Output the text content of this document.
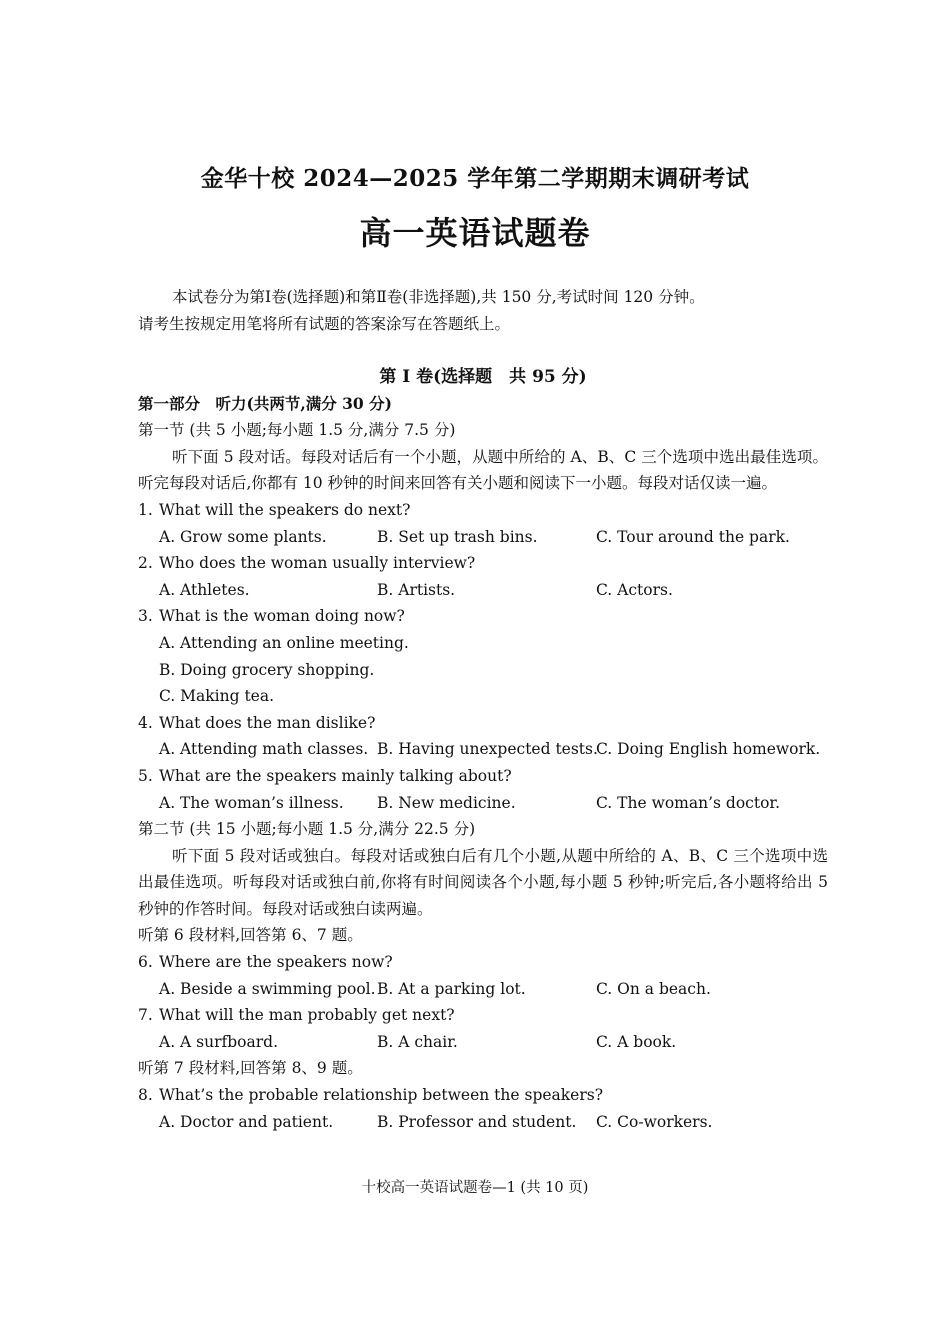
金华十校 2024—2025 学年第二学期期末调研考试
高一英语试题卷

本试卷分为第Ⅰ卷(选择题)和第Ⅱ卷(非选择题),共 150 分,考试时间 120 分钟。

请考生按规定用笔将所有试题的答案涂写在答题纸上。

第 I 卷(选择题　共 95 分)
第一部分　听力(共两节,满分 30 分)
第一节 (共 5 小题;每小题 1.5 分,满分 7.5 分)
听下面 5 段对话。每段对话后有一个小题，从题中所给的 A、B、C 三个选项中选出最佳选项。听完每段对话后,你都有 10 秒钟的时间来回答有关小题和阅读下一小题。每段对话仅读一遍。
1. What will the speakers do next?
A. Grow some plants.	B. Set up trash bins.	C. Tour around the park.
2. Who does the woman usually interview?
A. Athletes.	B. Artists.	C. Actors.
3. What is the woman doing now?
A. Attending an online meeting.
B. Doing grocery shopping.
C. Making tea.
4. What does the man dislike?
A. Attending math classes. B. Having unexpected tests.
C. Doing English homework.
5. What are the speakers mainly talking about?
A. The woman’s illness.	B. New medicine.	C. The woman’s doctor.
第二节 (共 15 小题;每小题 1.5 分,满分 22.5 分)
听下面 5 段对话或独白。每段对话或独白后有几个小题,从题中所给的 A、B、C 三个选项中选出最佳选项。听每段对话或独白前,你将有时间阅读各个小题,每小题 5 秒钟;听完后,各小题将给出 5 秒钟的作答时间。每段对话或独白读两遍。
听第 6 段材料,回答第 6、7 题。
6. Where are the speakers now?
A. Beside a swimming pool. B. At a parking lot.	C. On a beach.
7. What will the man probably get next?
A. A surfboard.	B. A chair.	C. A book.
听第 7 段材料,回答第 8、9 题。
8. What’s the probable relationship between the speakers?
A. Doctor and patient.	B. Professor and student.	C. Co-workers.
十校高一英语试题卷—1 (共 10 页)
